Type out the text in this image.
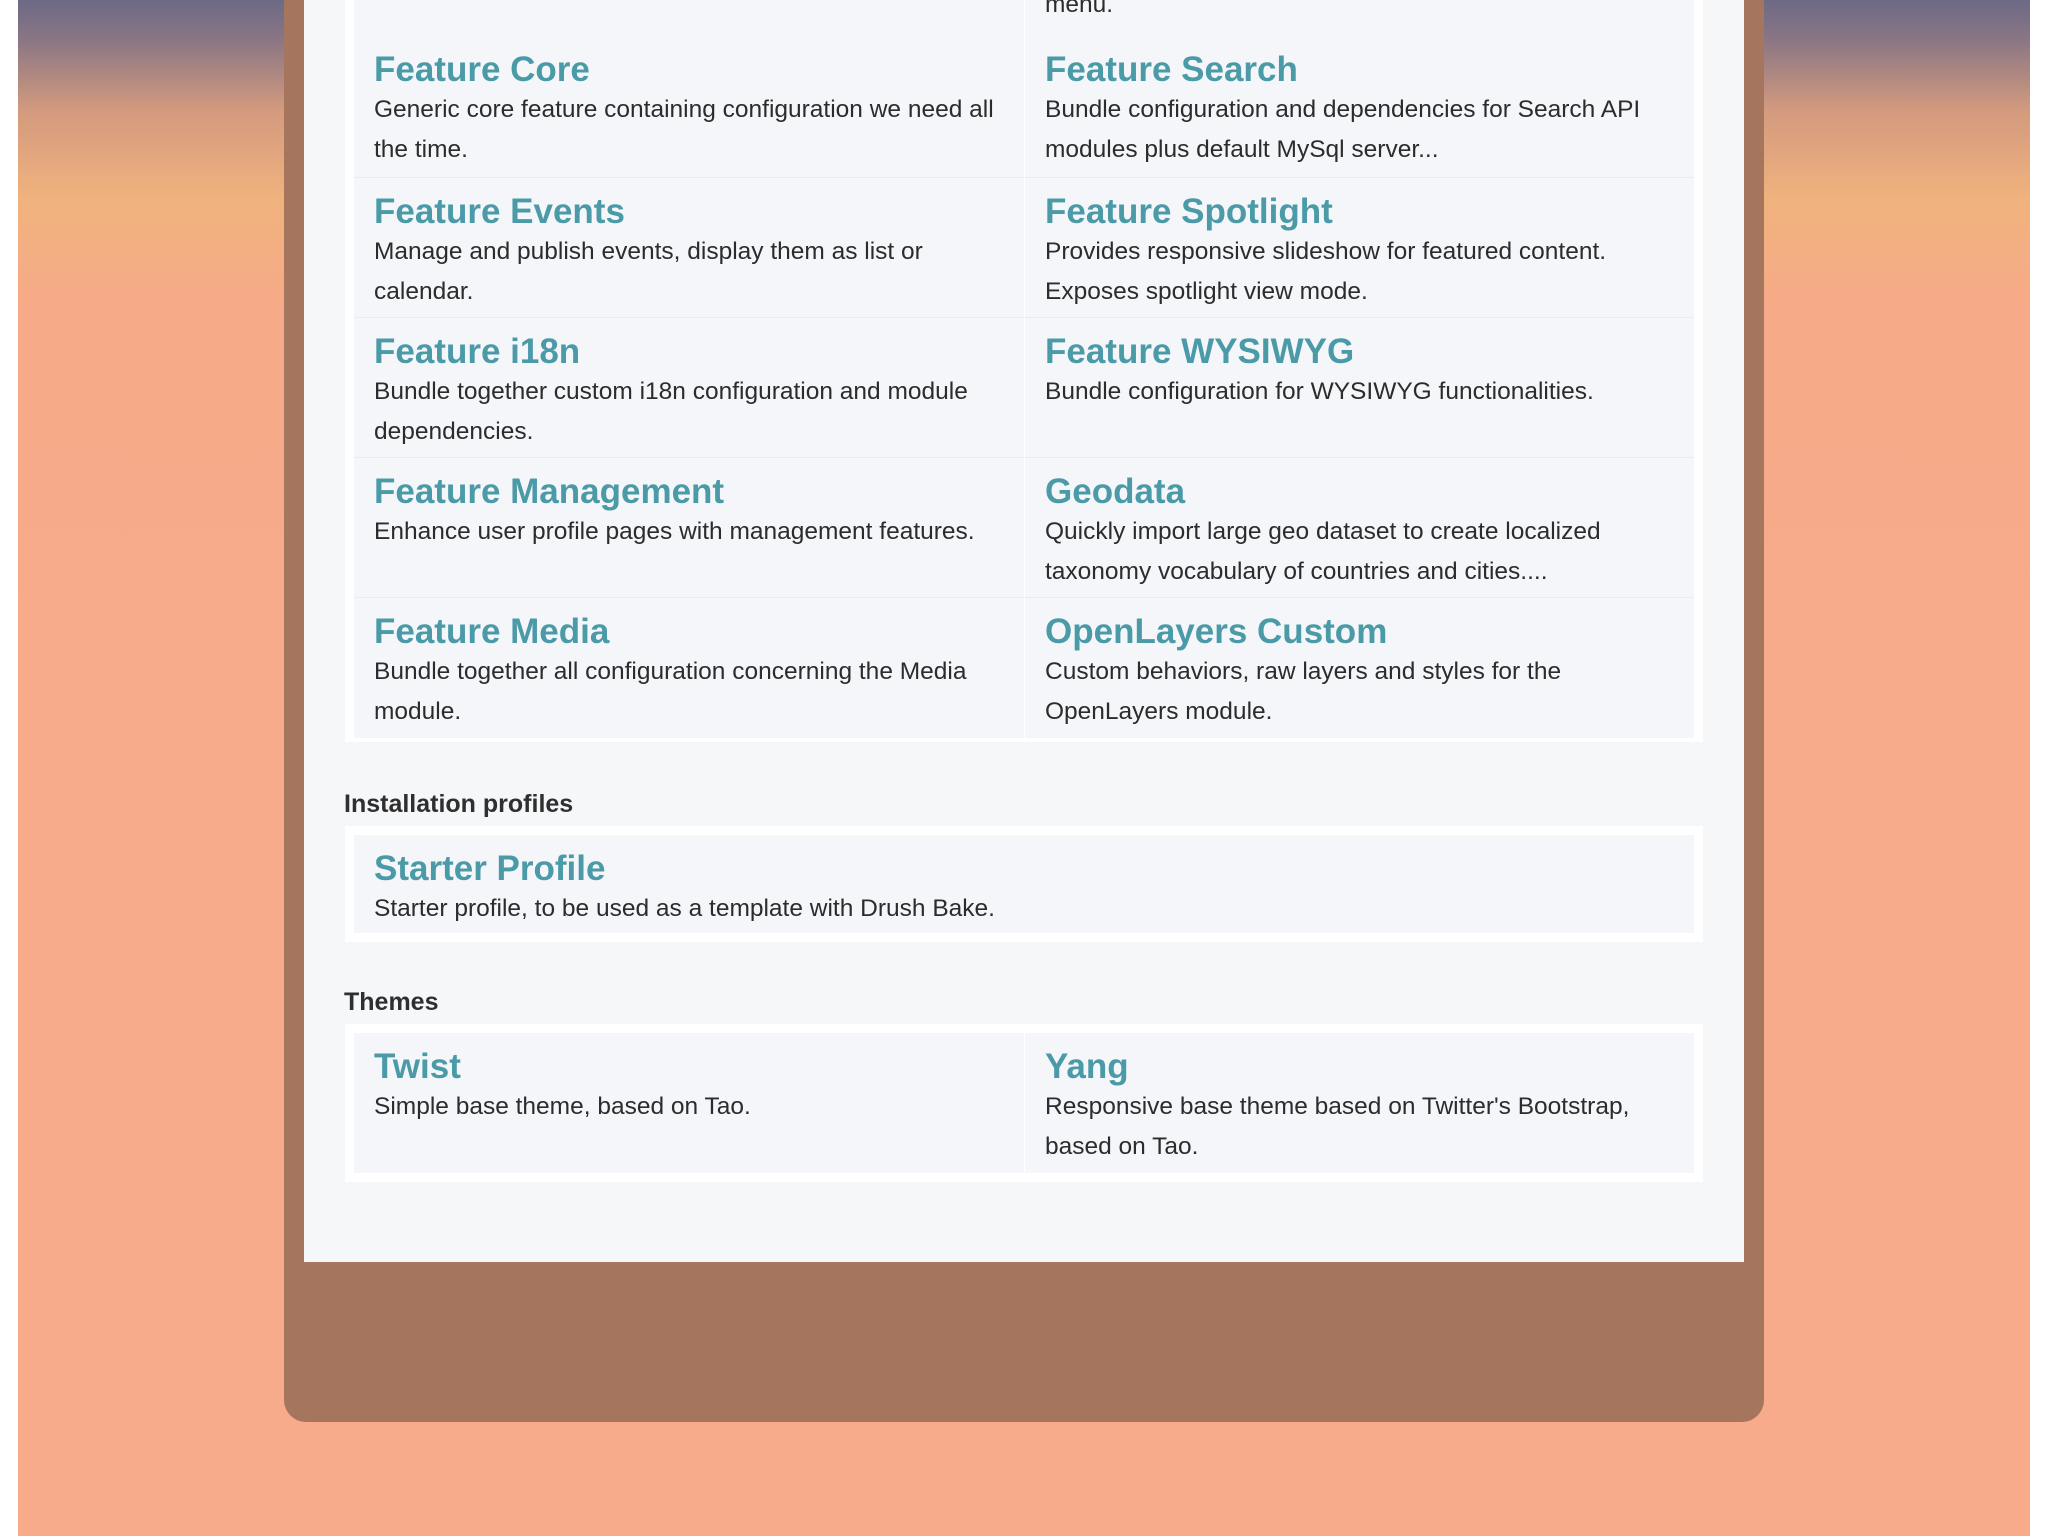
menu.
Feature Core
Generic core feature containing configuration we need all the time.
Feature Search
Bundle configuration and dependencies for Search API modules plus default MySql server...
Feature Events
Manage and publish events, display them as list or calendar.
Feature Spotlight
Provides responsive slideshow for featured content. Exposes spotlight view mode.
Feature i18n
Bundle together custom i18n configuration and module dependencies.
Feature WYSIWYG
Bundle configuration for WYSIWYG functionalities.
Feature Management
Enhance user profile pages with management features.
Geodata
Quickly import large geo dataset to create localized taxonomy vocabulary of countries and cities....
Feature Media
Bundle together all configuration concerning the Media module.
OpenLayers Custom
Custom behaviors, raw layers and styles for the OpenLayers module.
Installation profiles
Starter Profile
Starter profile, to be used as a template with Drush Bake.
Themes
Twist
Simple base theme, based on Tao.
Yang
Responsive base theme based on Twitter's Bootstrap, based on Tao.
